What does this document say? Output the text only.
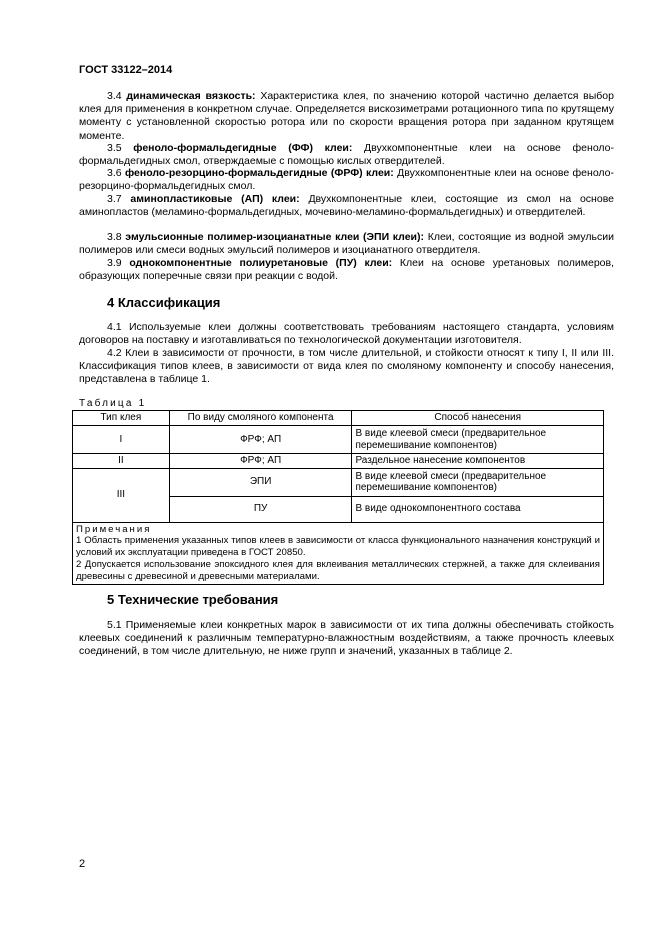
ГОСТ 33122–2014
3.4 динамическая вязкость: Характеристика клея, по значению которой частично делается выбор клея для применения в конкретном случае. Определяется вискозиметрами ротационного типа по крутящему моменту с установленной скоростью ротора или по скорости вращения ротора при заданном крутящем моменте.
3.5 феноло-формальдегидные (ФФ) клеи: Двухкомпонентные клеи на основе феноло-формальдегидных смол, отверждаемые с помощью кислых отвердителей.
3.6 феноло-резорцино-формальдегидные (ФРФ) клеи: Двухкомпонентные клеи на основе феноло- резорцино-формальдегидных смол.
3.7 аминопластиковые (АП) клеи: Двухкомпонентные клеи, состоящие из смол на основе аминопластов (меламино-формальдегидных, мочевино-меламино-формальдегидных) и отвердителей.
3.8 эмульсионные полимер-изоцианатные клеи (ЭПИ клеи): Клеи, состоящие из водной эмульсии полимеров или смеси водных эмульсий полимеров и изоцианатного отвердителя.
3.9 однокомпонентные полиуретановые (ПУ) клеи: Клеи на основе уретановых полимеров, образующих поперечные связи при реакции с водой.
4 Классификация
4.1 Используемые клеи должны соответствовать требованиям настоящего стандарта, условиям договоров на поставку и изготавливаться по технологической документации изготовителя.
4.2 Клеи в зависимости от прочности, в том числе длительной, и стойкости относят к типу I, II или III. Классификация типов клеев, в зависимости от вида клея по смоляному компоненту и способу нанесения, представлена в таблице 1.
Таблица 1
Тип клея	По виду смоляного компонента	Способ нанесения
I	ФРФ; АП	В виде клеевой смеси (предварительное перемешивание компонентов)
II	ФРФ; АП	Раздельное нанесение компонентов
III	ЭПИ	В виде клеевой смеси (предварительное перемешивание компонентов)
	ПУ	В виде однокомпонентного состава

Примечания
1 Область применения указанных типов клеев в зависимости от класса функционального назначения конструкций и условий их эксплуатации приведена в ГОСТ 20850.
2 Допускается использование эпоксидного клея для вклеивания металлических стержней, а также для склеивания древесины с древесиной и древесными материалами.		
5 Технические требования
5.1 Применяемые клеи конкретных марок в зависимости от их типа должны обеспечивать стойкость клеевых соединений к различным температурно-влажностным воздействиям, а также прочность клеевых соединений, в том числе длительную, не ниже групп и значений, указанных в таблице 2.
2
